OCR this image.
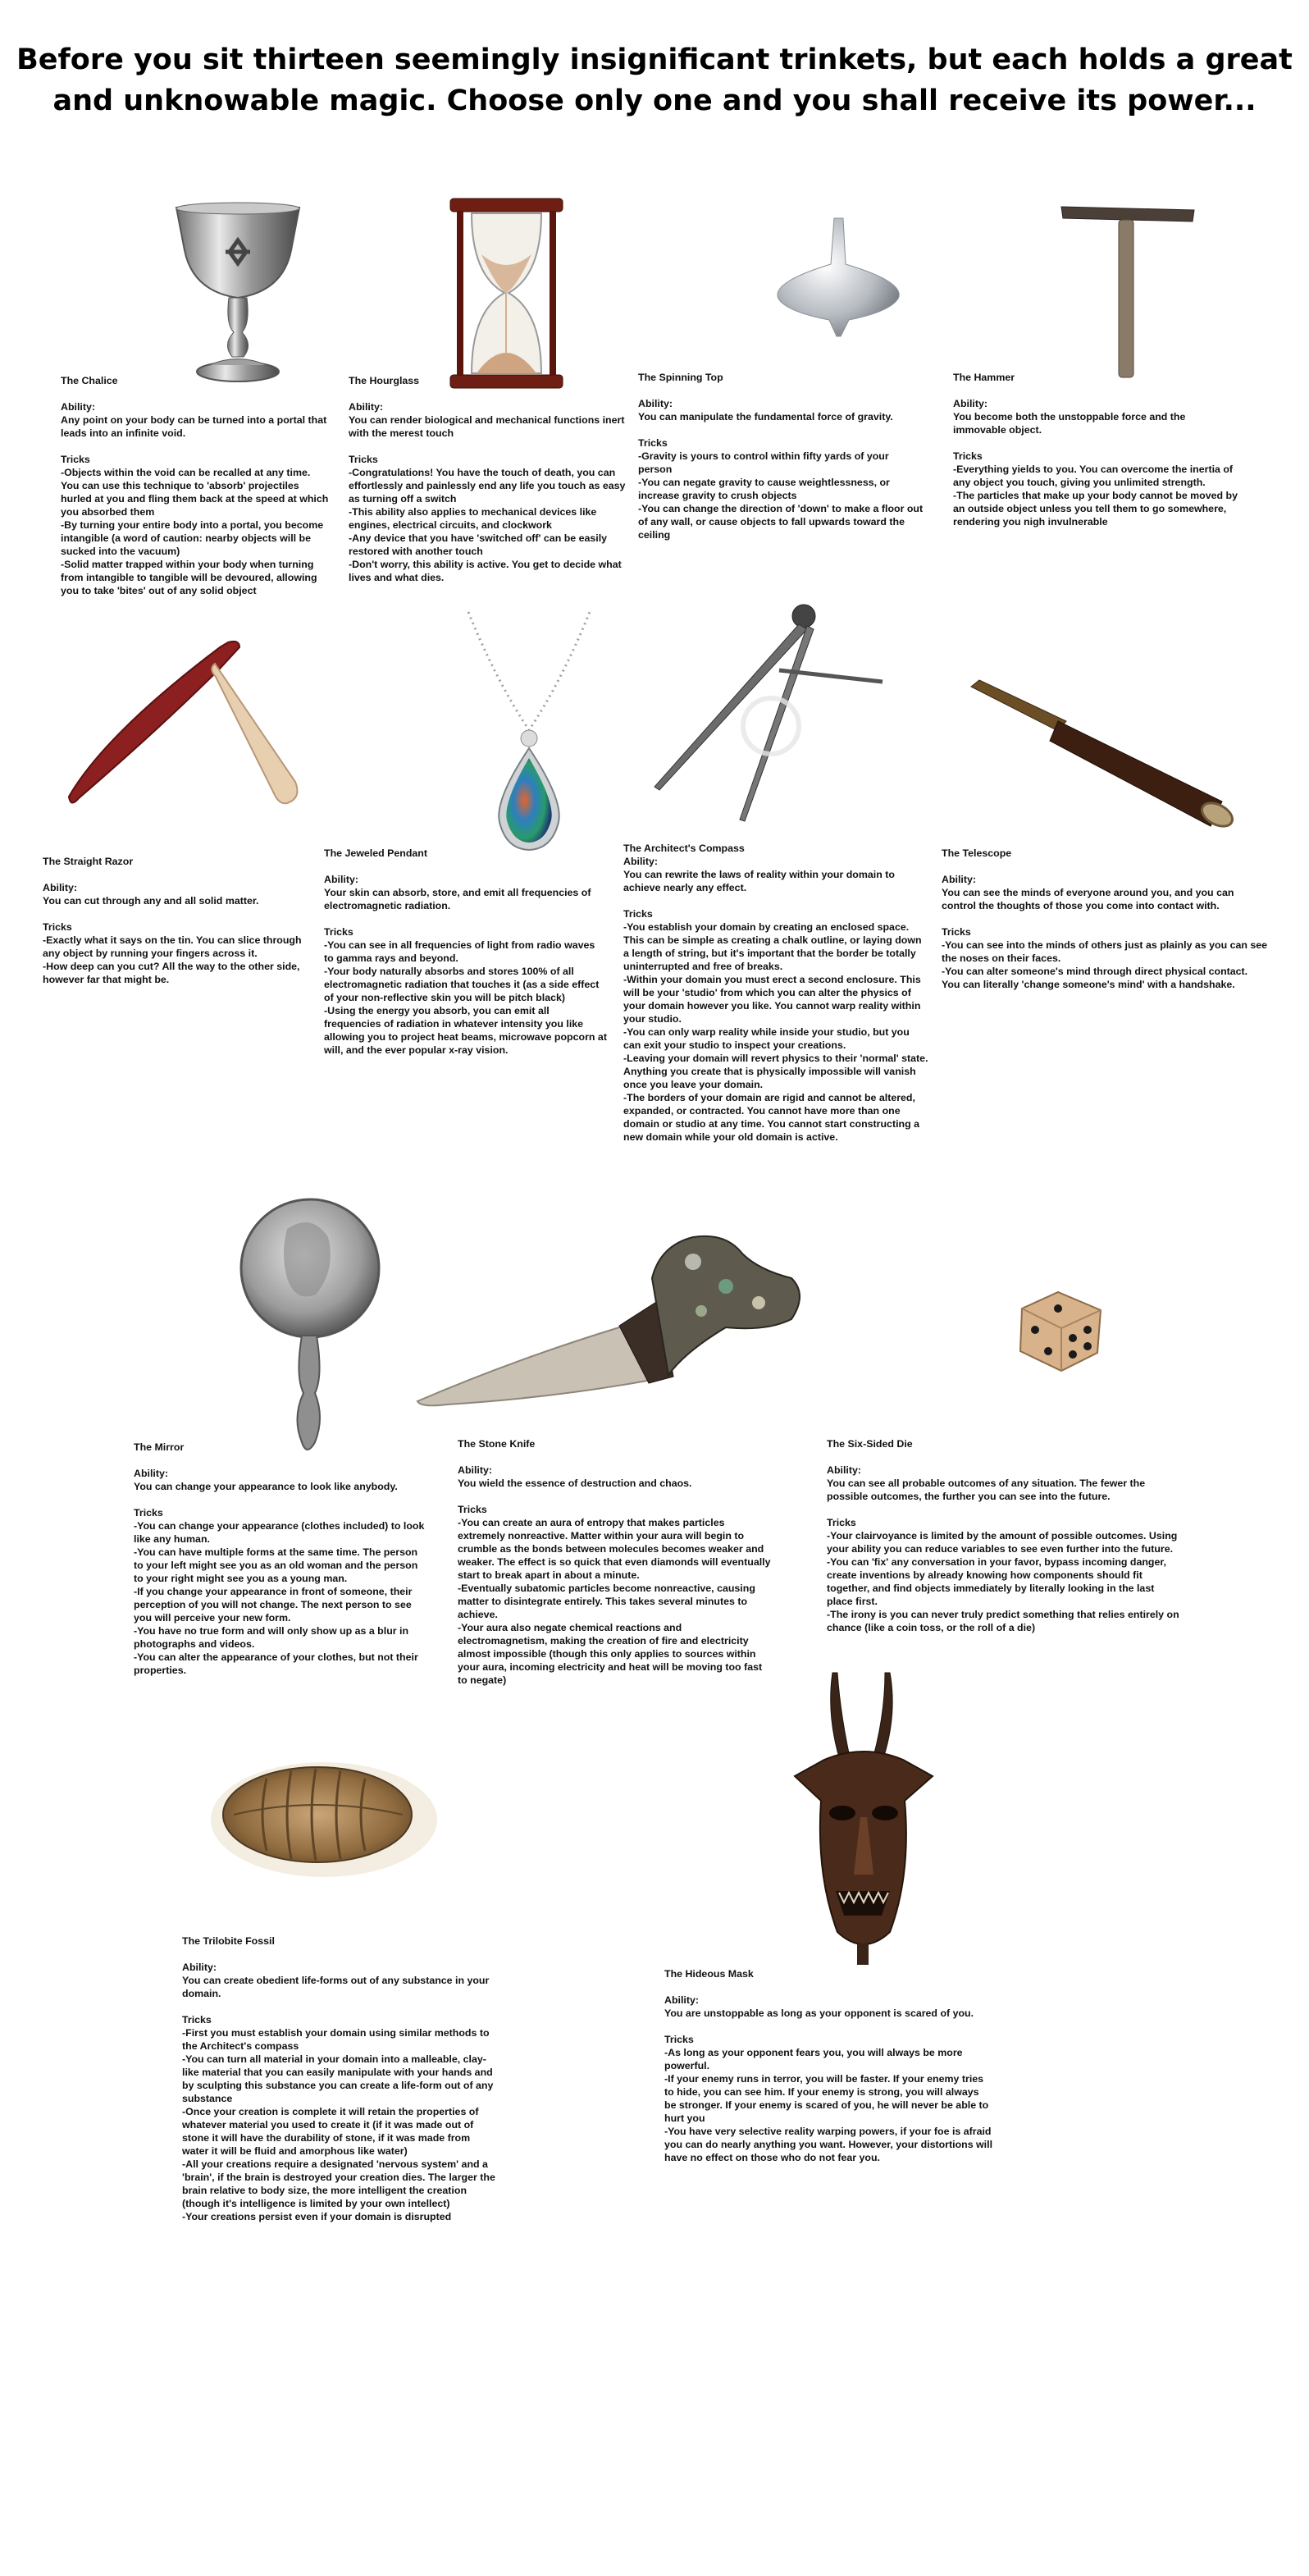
Before you sit thirteen seemingly insignificant trinkets, but each holds a great and unknowable magic. Choose only one and you shall receive its power...
The Chalice
Ability:
Any point on your body can be turned into a portal that leads into an infinite void.
Tricks
-Objects within the void can be recalled at any time. You can use this technique to 'absorb' projectiles hurled at you and fling them back at the speed at which you absorbed them
-By turning your entire body into a portal, you become intangible (a word of caution: nearby objects will be sucked into the vacuum)
-Solid matter trapped within your body when turning from intangible to tangible will be devoured, allowing you to take 'bites' out of any solid object
The Hourglass
Ability:
You can render biological and mechanical functions inert with the merest touch
Tricks
-Congratulations! You have the touch of death, you can effortlessly and painlessly end any life you touch as easy as turning off a switch
-This ability also applies to mechanical devices like engines, electrical circuits, and clockwork
-Any device that you have 'switched off' can be easily restored with another touch
-Don't worry, this ability is active. You get to decide what lives and what dies.
The Spinning Top
Ability:
You can manipulate the fundamental force of gravity.
Tricks
-Gravity is yours to control within fifty yards of your person
-You can negate gravity to cause weightlessness, or increase gravity to crush objects
-You can change the direction of 'down' to make a floor out of any wall, or cause objects to fall upwards toward the ceiling
The Hammer
Ability:
You become both the unstoppable force and the immovable object.
Tricks
-Everything yields to you. You can overcome the inertia of any object you touch, giving you unlimited strength.
-The particles that make up your body cannot be moved by an outside object unless you tell them to go somewhere, rendering you nigh invulnerable
The Straight Razor
Ability:
You can cut through any and all solid matter.
Tricks
-Exactly what it says on the tin. You can slice through any object by running your fingers across it.
-How deep can you cut? All the way to the other side, however far that might be.
The Jeweled Pendant
Ability:
Your skin can absorb, store, and emit all frequencies of electromagnetic radiation.
Tricks
-You can see in all frequencies of light from radio waves to gamma rays and beyond.
-Your body naturally absorbs and stores 100% of all electromagnetic radiation that touches it (as a side effect of your non-reflective skin you will be pitch black)
-Using the energy you absorb, you can emit all frequencies of radiation in whatever intensity you like allowing you to project heat beams, microwave popcorn at will, and the ever popular x-ray vision.
The Architect's Compass
Ability:
You can rewrite the laws of reality within your domain to achieve nearly any effect.
Tricks
-You establish your domain by creating an enclosed space. This can be simple as creating a chalk outline, or laying down a length of string, but it's important that the border be totally uninterrupted and free of breaks.
-Within your domain you must erect a second enclosure. This will be your 'studio' from which you can alter the physics of your domain however you like. You cannot warp reality within your studio.
-You can only warp reality while inside your studio, but you can exit your studio to inspect your creations.
-Leaving your domain will revert physics to their 'normal' state. Anything you create that is physically impossible will vanish once you leave your domain.
-The borders of your domain are rigid and cannot be altered, expanded, or contracted. You cannot have more than one domain or studio at any time. You cannot start constructing a new domain while your old domain is active.
The Telescope
Ability:
You can see the minds of everyone around you, and you can control the thoughts of those you come into contact with.
Tricks
-You can see into the minds of others just as plainly as you can see the noses on their faces.
-You can alter someone's mind through direct physical contact. You can literally 'change someone's mind' with a handshake.
The Mirror
Ability:
You can change your appearance to look like anybody.
Tricks
-You can change your appearance (clothes included) to look like any human.
-You can have multiple forms at the same time. The person to your left might see you as an old woman and the person to your right might see you as a young man.
-If you change your appearance in front of someone, their perception of you will not change. The next person to see you will perceive your new form.
-You have no true form and will only show up as a blur in photographs and videos.
-You can alter the appearance of your clothes, but not their properties.
The Stone Knife
Ability:
You wield the essence of destruction and chaos.
Tricks
-You can create an aura of entropy that makes particles extremely nonreactive. Matter within your aura will begin to crumble as the bonds between molecules becomes weaker and weaker. The effect is so quick that even diamonds will eventually start to break apart in about a minute.
-Eventually subatomic particles become nonreactive, causing matter to disintegrate entirely. This takes several minutes to achieve.
-Your aura also negate chemical reactions and electromagnetism, making the creation of fire and electricity almost impossible (though this only applies to sources within your aura, incoming electricity and heat will be moving too fast to negate)
The Six-Sided Die
Ability:
You can see all probable outcomes of any situation. The fewer the possible outcomes, the further you can see into the future.
Tricks
-Your clairvoyance is limited by the amount of possible outcomes. Using your ability you can reduce variables to see even further into the future.
-You can 'fix' any conversation in your favor, bypass incoming danger, create inventions by already knowing how components should fit together, and find objects immediately by literally looking in the last place first.
-The irony is you can never truly predict something that relies entirely on chance (like a coin toss, or the roll of a die)
The Trilobite Fossil
Ability:
You can create obedient life-forms out of any substance in your domain.
Tricks
-First you must establish your domain using similar methods to the Architect's compass
-You can turn all material in your domain into a malleable, clay-like material that you can easily manipulate with your hands and by sculpting this substance you can create a life-form out of any substance
-Once your creation is complete it will retain the properties of whatever material you used to create it (if it was made out of stone it will have the durability of stone, if it was made from water it will be fluid and amorphous like water)
-All your creations require a designated 'nervous system' and a 'brain', if the brain is destroyed your creation dies. The larger the brain relative to body size, the more intelligent the creation (though it's intelligence is limited by your own intellect)
-Your creations persist even if your domain is disrupted
The Hideous Mask
Ability:
You are unstoppable as long as your opponent is scared of you.
Tricks
-As long as your opponent fears you, you will always be more powerful.
-If your enemy runs in terror, you will be faster. If your enemy tries to hide, you can see him. If your enemy is strong, you will always be stronger. If your enemy is scared of you, he will never be able to hurt you
-You have very selective reality warping powers, if your foe is afraid you can do nearly anything you want. However, your distortions will have no effect on those who do not fear you.
